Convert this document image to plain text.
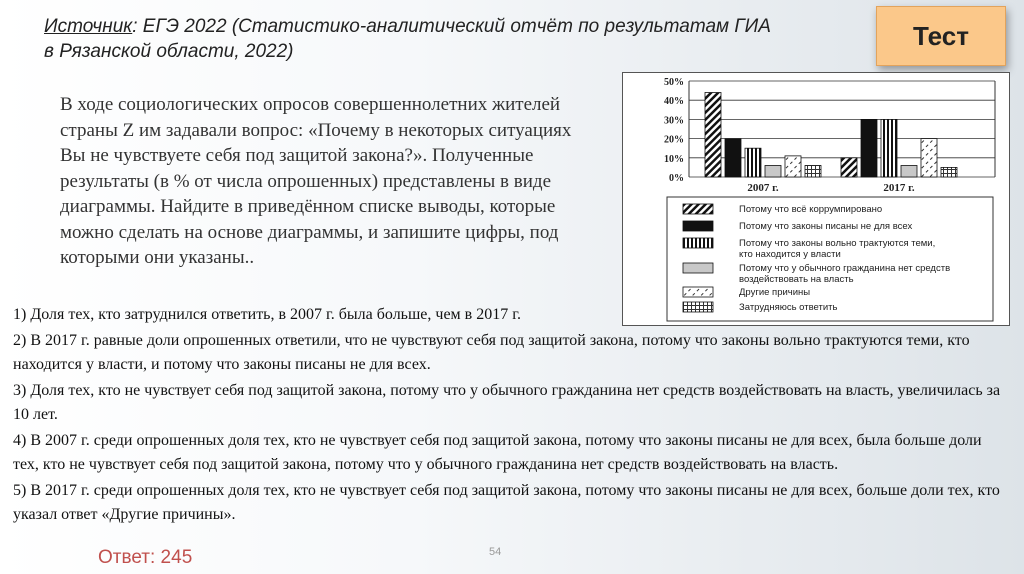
Источник: ЕГЭ 2022 (Статистико-аналитический отчёт по результатам ГИА в Рязанской области, 2022)
Тест
В ходе социологических опросов совершеннолетних жителей страны Z им задавали вопрос: «Почему в некоторых ситуациях Вы не чувствуете себя под защитой закона?». Полученные результаты (в % от числа опрошенных) представлены в виде диаграммы. Найдите в приведённом списке выводы, которые можно сделать на основе диаграммы, и запишите цифры, под которыми они указаны..
0%
10%
20%
30%
40%
50%
2007 г.	2017 г.
Потому что всё коррумпировано
Потому что законы писаны не для всех
Потому что законы вольно трактуются теми,
кто находится у власти
Потому что у обычного гражданина нет средств
воздействовать на власть
Другие причины
Затрудняюсь ответить

1) Доля тех, кто затруднился ответить, в 2007 г. была больше, чем в 2017 г.

2) В 2017 г. равные доли опрошенных ответили, что не чувствуют себя под защитой закона, потому что законы вольно трактуются теми, кто находится у власти, и потому что законы писаны не для всех.

3) Доля тех, кто не чувствует себя под защитой закона, потому что у обычного гражданина нет средств воздействовать на власть, увеличилась за 10 лет.

4) В 2007 г. среди опрошенных доля тех, кто не чувствует себя под защитой закона, потому что законы писаны не для всех, была больше доли тех, кто не чувствует себя под защитой закона, потому что у обычного гражданина нет средств воздействовать на власть.

5) В 2017 г. среди опрошенных доля тех, кто не чувствует себя под защитой закона, потому что законы писаны не для всех, больше доли тех, кто указал ответ «Другие причины».

54
Ответ: 245
